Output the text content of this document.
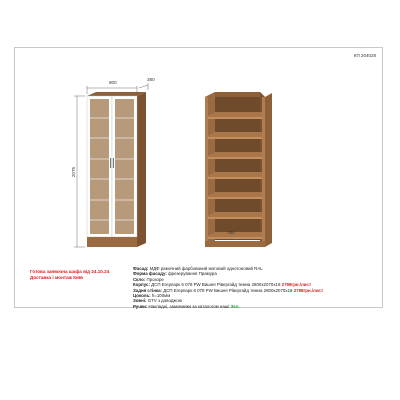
КП 204028
800
380
2075
764
Готова заявочна шафа від 24.10.24
Доставка і монтаж Київ
Фасад: МДФ рамочний фарбований матовий однотоновий RAL
Форма фасаду: фрезерування Прамура
Скло: Прозоре
Корпус: ДСП Егерпарк 6 078 PW Вишня Рівергайд темна 2800х2070х18 2798грн./лист
Задня стінка: ДСП Егерпарк 6 078 PW Вишня Рівергайд темна 2800х2070х18 2798грн./лист
Цоколь: h=100мм
Зовні: GTV з доводжою
Ручки: Накладні, замовники за каталогом наші Зел.
